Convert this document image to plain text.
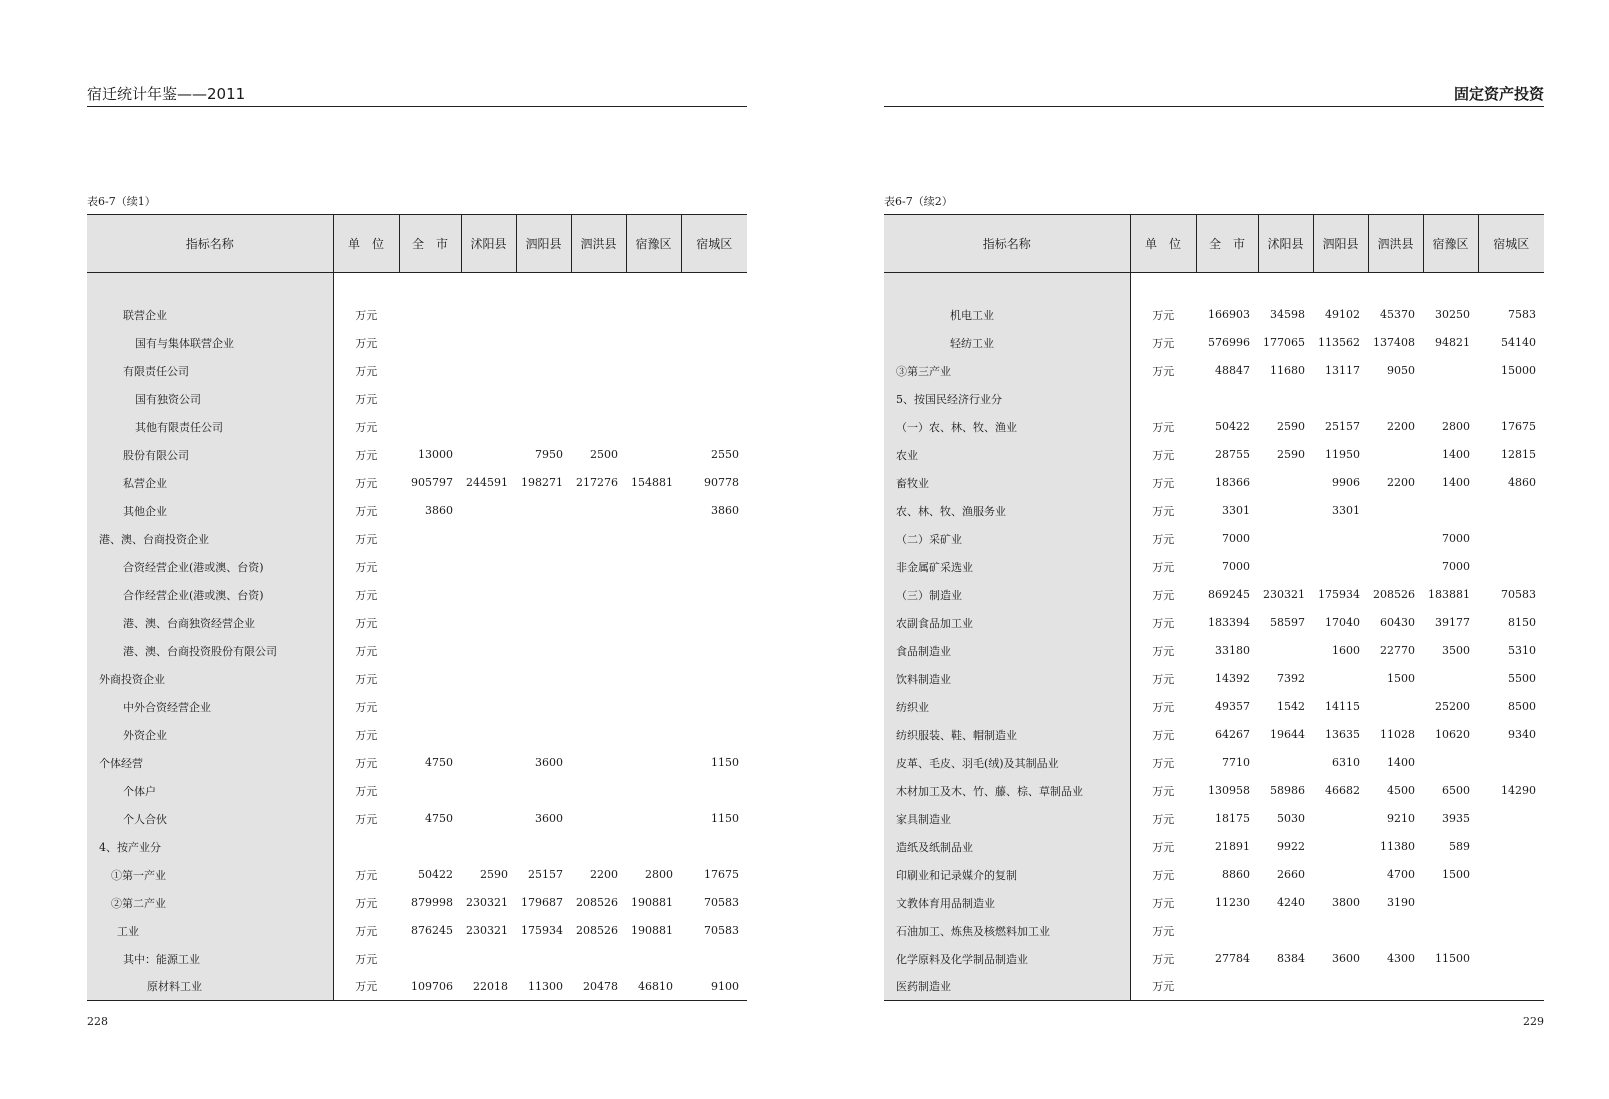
宿迁统计年鉴——2011
表6-7（续1）
指标名称	单　位	全　市	沭阳县	泗阳县	泗洪县	宿豫区	宿城区

联营企业	万元						
国有与集体联营企业	万元						
有限责任公司	万元						
国有独资公司	万元						
其他有限责任公司	万元						
股份有限公司	万元	13000		7950	2500		2550
私营企业	万元	905797	244591	198271	217276	154881	90778
其他企业	万元	3860					3860
港、澳、台商投资企业	万元						
合资经营企业(港或澳、台资)	万元						
合作经营企业(港或澳、台资)	万元						
港、澳、台商独资经营企业	万元						
港、澳、台商投资股份有限公司	万元						
外商投资企业	万元						
中外合资经营企业	万元						
外资企业	万元						
个体经营	万元	4750		3600			1150
个体户	万元						
个人合伙	万元	4750		3600			1150
4、按产业分							
①第一产业	万元	50422	2590	25157	2200	2800	17675
②第二产业	万元	879998	230321	179687	208526	190881	70583
工业	万元	876245	230321	175934	208526	190881	70583
其中：能源工业	万元						
原材料工业	万元	109706	22018	11300	20478	46810	9100
228
固定资产投资
表6-7（续2）
指标名称	单　位	全　市	沭阳县	泗阳县	泗洪县	宿豫区	宿城区

机电工业	万元	166903	34598	49102	45370	30250	7583
轻纺工业	万元	576996	177065	113562	137408	94821	54140
③第三产业	万元	48847	11680	13117	9050		15000
5、按国民经济行业分							
（一）农、林、牧、渔业	万元	50422	2590	25157	2200	2800	17675
农业	万元	28755	2590	11950		1400	12815
畜牧业	万元	18366		9906	2200	1400	4860
农、林、牧、渔服务业	万元	3301		3301			
（二）采矿业	万元	7000				7000	
非金属矿采选业	万元	7000				7000	
（三）制造业	万元	869245	230321	175934	208526	183881	70583
农副食品加工业	万元	183394	58597	17040	60430	39177	8150
食品制造业	万元	33180		1600	22770	3500	5310
饮料制造业	万元	14392	7392		1500		5500
纺织业	万元	49357	1542	14115		25200	8500
纺织服装、鞋、帽制造业	万元	64267	19644	13635	11028	10620	9340
皮革、毛皮、羽毛(绒)及其制品业	万元	7710		6310	1400		
木材加工及木、竹、藤、棕、草制品业	万元	130958	58986	46682	4500	6500	14290
家具制造业	万元	18175	5030		9210	3935	
造纸及纸制品业	万元	21891	9922		11380	589	
印刷业和记录媒介的复制	万元	8860	2660		4700	1500	
文教体育用品制造业	万元	11230	4240	3800	3190		
石油加工、炼焦及核燃料加工业	万元						
化学原料及化学制品制造业	万元	27784	8384	3600	4300	11500	
医药制造业	万元						
229
